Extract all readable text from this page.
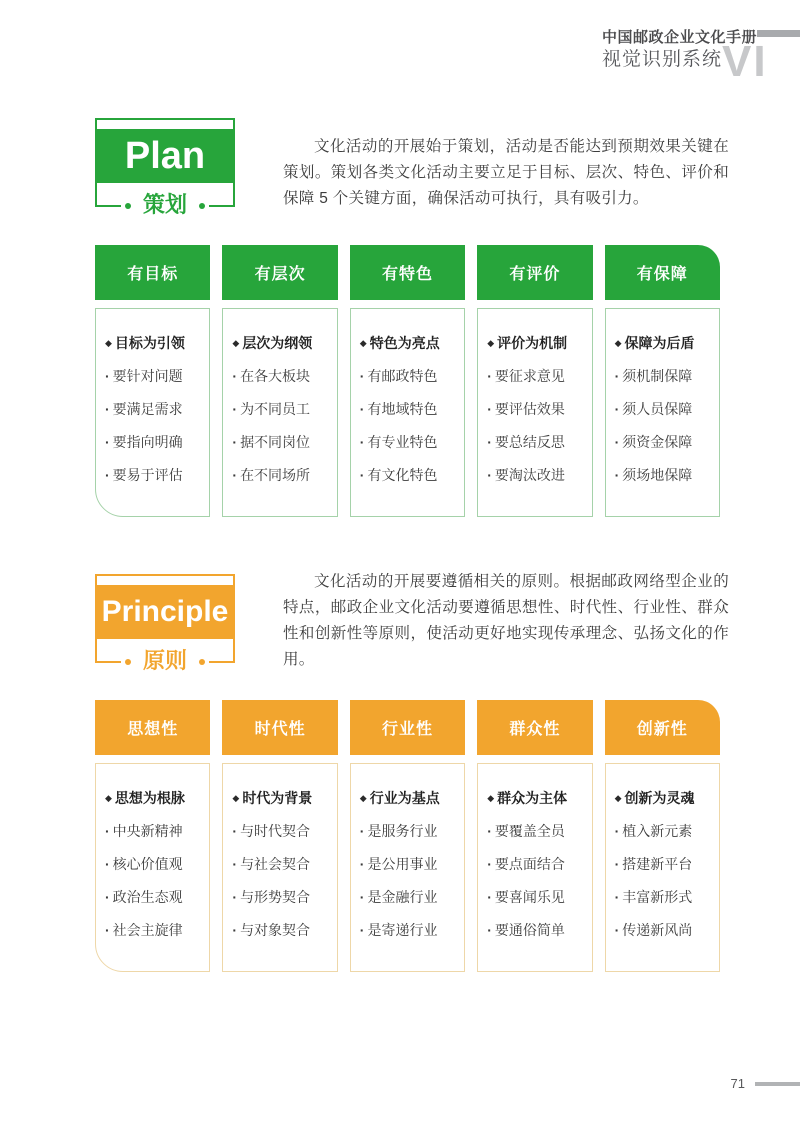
中国邮政企业文化手册
视觉识别系统 VI
Plan
策划
文化活动的开展始于策划，活动是否能达到预期效果关键在策划。策划各类文化活动主要立足于目标、层次、特色、评价和保障 5 个关键方面，确保活动可执行，具有吸引力。
有目标
◆ 目标为引领
· 要针对问题
· 要满足需求
· 要指向明确
· 要易于评估
有层次
◆ 层次为纲领
· 在各大板块
· 为不同员工
· 据不同岗位
· 在不同场所
有特色
◆ 特色为亮点
· 有邮政特色
· 有地域特色
· 有专业特色
· 有文化特色
有评价
◆ 评价为机制
· 要征求意见
· 要评估效果
· 要总结反思
· 要淘汰改进
有保障
◆ 保障为后盾
· 须机制保障
· 须人员保障
· 须资金保障
· 须场地保障
Principle
原则
文化活动的开展要遵循相关的原则。根据邮政网络型企业的特点，邮政企业文化活动要遵循思想性、时代性、行业性、群众性和创新性等原则，使活动更好地实现传承理念、弘扬文化的作用。
思想性
◆ 思想为根脉
· 中央新精神
· 核心价值观
· 政治生态观
· 社会主旋律
时代性
◆ 时代为背景
· 与时代契合
· 与社会契合
· 与形势契合
· 与对象契合
行业性
◆ 行业为基点
· 是服务行业
· 是公用事业
· 是金融行业
· 是寄递行业
群众性
◆ 群众为主体
· 要覆盖全员
· 要点面结合
· 要喜闻乐见
· 要通俗简单
创新性
◆ 创新为灵魂
· 植入新元素
· 搭建新平台
· 丰富新形式
· 传递新风尚
71
